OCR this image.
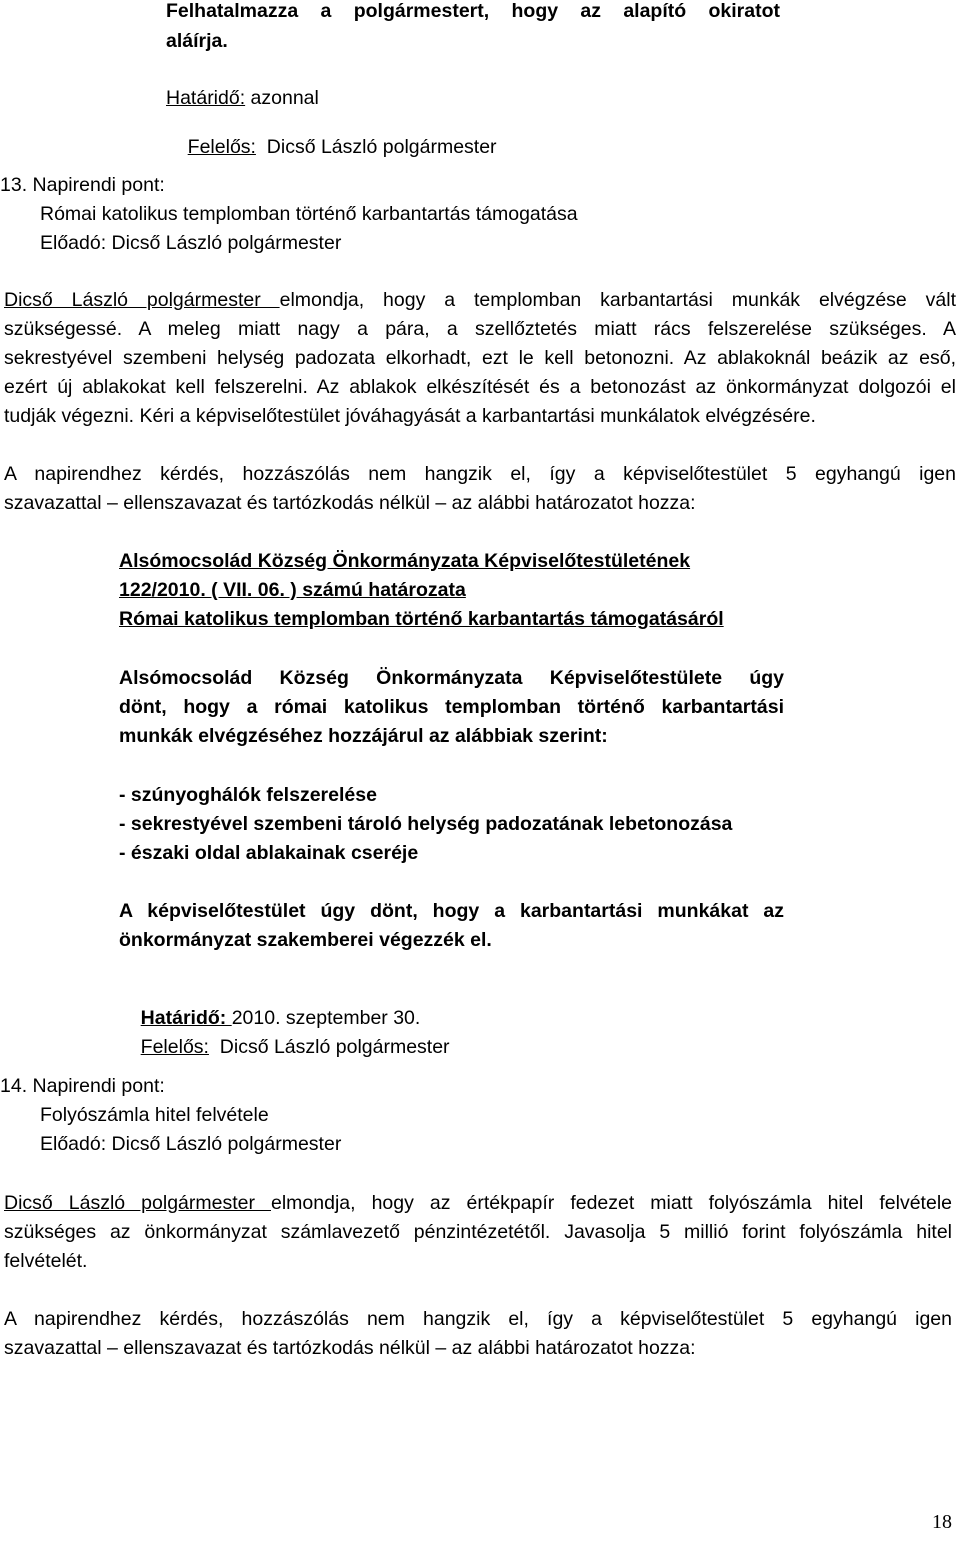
Felhatalmazza a polgármestert, hogy az alapító okiratot
aláírja.
Határidő: azonnal

Felelős:  Dicső László polgármester

13. Napirendi pont:
Római katolikus templomban történő karbantartás támogatása
Előadó: Dicső László polgármester
Dicső László polgármester elmondja, hogy a templomban karbantartási munkák elvégzése vált
szükségessé. A meleg miatt nagy a pára, a szellőztetés miatt rács felszerelése szükséges. A
sekrestyével szembeni helység padozata elkorhadt, ezt le kell betonozni. Az ablakoknál beázik az eső,
ezért új ablakokat kell felszerelni. Az ablakok elkészítését és a betonozást az önkormányzat dolgozói el
tudják végezni. Kéri a képviselőtestület jóváhagyását a karbantartási munkálatok elvégzésére.
A napirendhez kérdés, hozzászólás nem hangzik el, így a képviselőtestület 5 egyhangú igen
szavazattal – ellenszavazat és tartózkodás nélkül – az alábbi határozatot hozza:
Alsómocsolád Község Önkormányzata Képviselőtestületének
122/2010. ( VII. 06. ) számú határozata
Római katolikus templomban történő karbantartás támogatásáról
Alsómocsolád Község Önkormányzata Képviselőtestülete úgy
dönt, hogy a római katolikus templomban történő karbantartási
munkák elvégzéséhez hozzájárul az alábbiak szerint:
- szúnyoghálók felszerelése
- sekrestyével szembeni tároló helység padozatának lebetonozása
- északi oldal ablakainak cseréje
A képviselőtestület úgy dönt, hogy a karbantartási munkákat az
önkormányzat szakemberei végezzék el.

Határidő: 2010. szeptember 30.

Felelős:  Dicső László polgármester

14. Napirendi pont:
Folyószámla hitel felvétele
Előadó: Dicső László polgármester
Dicső László polgármester elmondja, hogy az értékpapír fedezet miatt folyószámla hitel felvétele
szükséges az önkormányzat számlavezető pénzintézetétől. Javasolja 5 millió forint folyószámla hitel
felvételét.
A napirendhez kérdés, hozzászólás nem hangzik el, így a képviselőtestület 5 egyhangú igen
szavazattal – ellenszavazat és tartózkodás nélkül – az alábbi határozatot hozza:
18
